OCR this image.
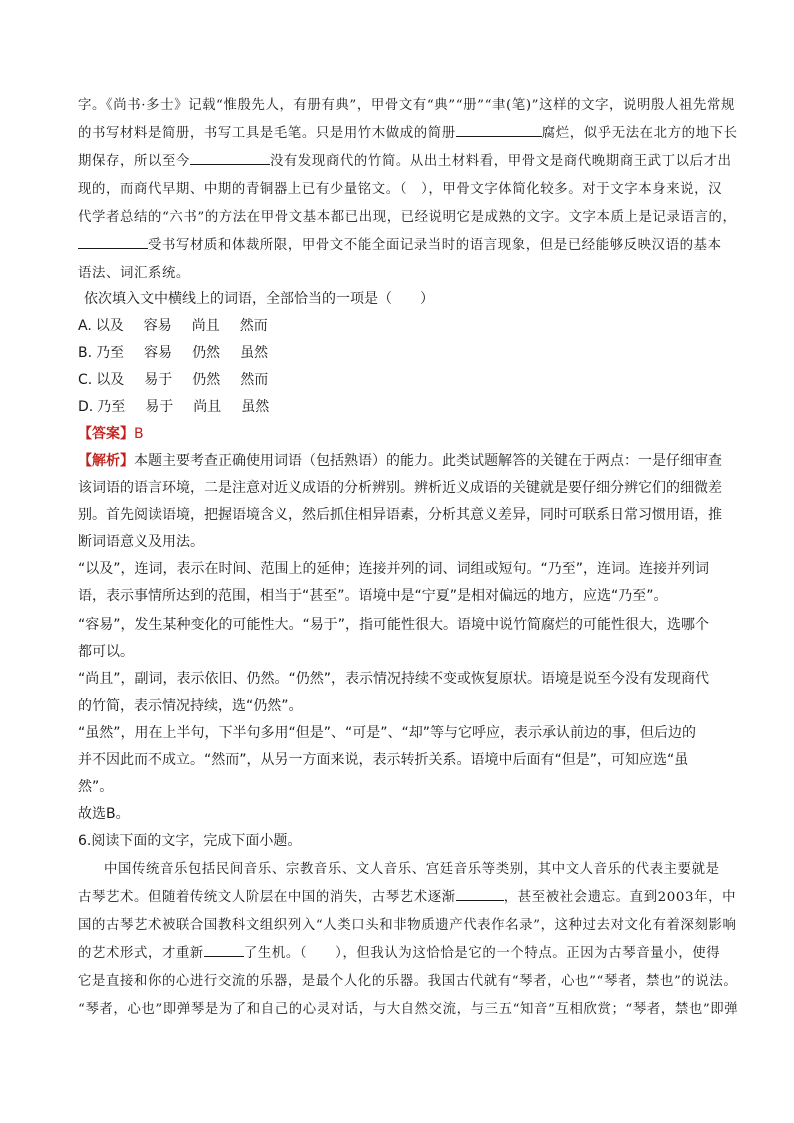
字。《尚书·多士》记载“惟殷先人，有册有典”，甲骨文有“典”“册”“聿(笔)”这样的文字，说明殷人祖先常规
的书写材料是简册，书写工具是毛笔。只是用竹木做成的简册	腐烂，似乎无法在北方的地下长
期保存，所以至今	没有发现商代的竹简。从出土材料看，甲骨文是商代晚期商王武丁以后才出
现的，而商代早期、中期的青铜器上已有少量铭文。（　），甲骨文字体简化较多。对于文字本身来说，汉
代学者总结的“六书”的方法在甲骨文基本都已出现，已经说明它是成熟的文字。文字本质上是记录语言的，
受书写材质和体裁所限，甲骨文不能全面记录当时的语言现象，但是已经能够反映汉语的基本
语法、词汇系统。
依次填入文中横线上的词语，全部恰当的一项是（　　）
A. 以及 容易 尚且 然而
B. 乃至 容易 仍然 虽然
C. 以及 易于 仍然 然而
D. 乃至 易于 尚且 虽然
【答案】B
【解析】本题主要考查正确使用词语（包括熟语）的能力。此类试题解答的关键在于两点：一是仔细审查
该词语的语言环境，二是注意对近义成语的分析辨别。辨析近义成语的关键就是要仔细分辨它们的细微差
别。首先阅读语境，把握语境含义，然后抓住相异语素，分析其意义差异，同时可联系日常习惯用语，推
断词语意义及用法。
“以及”，连词，表示在时间、范围上的延伸；连接并列的词、词组或短句。“乃至”，连词。连接并列词
语，表示事情所达到的范围，相当于“甚至”。语境中是“宁夏”是相对偏远的地方，应选“乃至”。
“容易”，发生某种变化的可能性大。“易于”，指可能性很大。语境中说竹简腐烂的可能性很大，选哪个
都可以。
“尚且”，副词，表示依旧、仍然。“仍然”，表示情况持续不变或恢复原状。语境是说至今没有发现商代
的竹简，表示情况持续，选“仍然”。
“虽然”，用在上半句，下半句多用“但是”、“可是”、“却”等与它呼应，表示承认前边的事，但后边的
并不因此而不成立。“然而”，从另一方面来说，表示转折关系。语境中后面有“但是”，可知应选“虽
然”。
故选B。
6.阅读下面的文字，完成下面小题。
中国传统音乐包括民间音乐、宗教音乐、文人音乐、宫廷音乐等类别，其中文人音乐的代表主要就是
古琴艺术。但随着传统文人阶层在中国的消失，古琴艺术逐渐	，甚至被社会遗忘。直到2003年，中
国的古琴艺术被联合国教科文组织列入“人类口头和非物质遗产代表作名录”，这种过去对文化有着深刻影响
的艺术形式，才重新	了生机。（　　），但我认为这恰恰是它的一个特点。正因为古琴音量小，使得
它是直接和你的心进行交流的乐器，是最个人化的乐器。我国古代就有“琴者，心也”“琴者，禁也”的说法。
“琴者，心也”即弹琴是为了和自己的心灵对话，与大自然交流，与三五“知音”互相欣赏；“琴者，禁也”即弹
